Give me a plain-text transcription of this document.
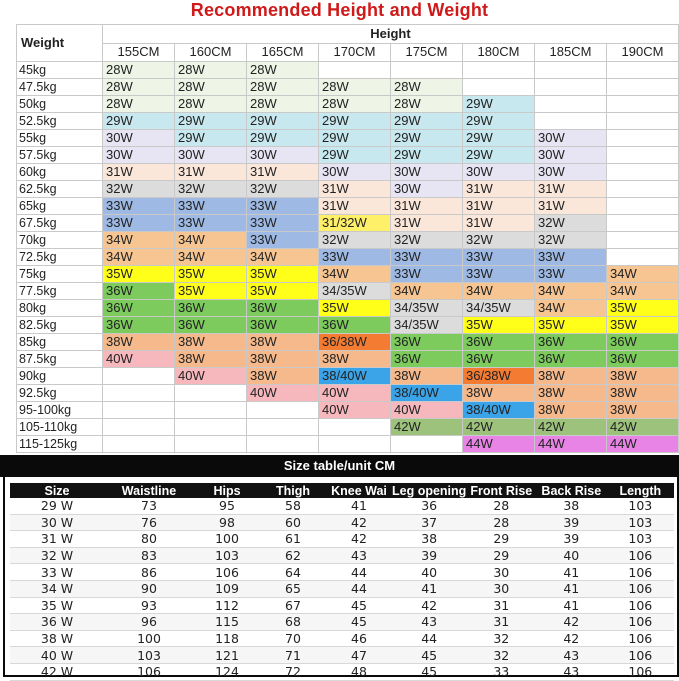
Recommended Height and Weight
Weight	Height							
	155CM	160CM	165CM	170CM	175CM	180CM	185CM	190CM
45kg	28W	28W	28W					
47.5kg	28W	28W	28W	28W	28W			
50kg	28W	28W	28W	28W	28W	29W		
52.5kg	29W	29W	29W	29W	29W	29W		
55kg	30W	29W	29W	29W	29W	29W	30W	
57.5kg	30W	30W	30W	29W	29W	29W	30W	
60kg	31W	31W	31W	30W	30W	30W	30W	
62.5kg	32W	32W	32W	31W	30W	31W	31W	
65kg	33W	33W	33W	31W	31W	31W	31W	
67.5kg	33W	33W	33W	31/32W	31W	31W	32W	
70kg	34W	34W	33W	32W	32W	32W	32W	
72.5kg	34W	34W	34W	33W	33W	33W	33W	
75kg	35W	35W	35W	34W	33W	33W	33W	34W
77.5kg	36W	35W	35W	34/35W	34W	34W	34W	34W
80kg	36W	36W	36W	35W	34/35W	34/35W	34W	35W
82.5kg	36W	36W	36W	36W	34/35W	35W	35W	35W
85kg	38W	38W	38W	36/38W	36W	36W	36W	36W
87.5kg	40W	38W	38W	38W	36W	36W	36W	36W
90kg		40W	38W	38/40W	38W	36/38W	38W	38W
92.5kg			40W	40W	38/40W	38W	38W	38W
95-100kg				40W	40W	38/40W	38W	38W
105-110kg					42W	42W	42W	42W
115-125kg						44W	44W	44W
Size table/unit CM
Size	Waistline	Hips	Thigh	Knee Wai	Leg opening	Front Rise	Back Rise	Length
29 W	73	95	58	41	36	28	38	103
30 W	76	98	60	42	37	28	39	103
31 W	80	100	61	42	38	29	39	103
32 W	83	103	62	43	39	29	40	106
33 W	86	106	64	44	40	30	41	106
34 W	90	109	65	44	41	30	41	106
35 W	93	112	67	45	42	31	41	106
36 W	96	115	68	45	43	31	42	106
38 W	100	118	70	46	44	32	42	106
40 W	103	121	71	47	45	32	43	106
42 W	106	124	72	48	45	33	43	106
